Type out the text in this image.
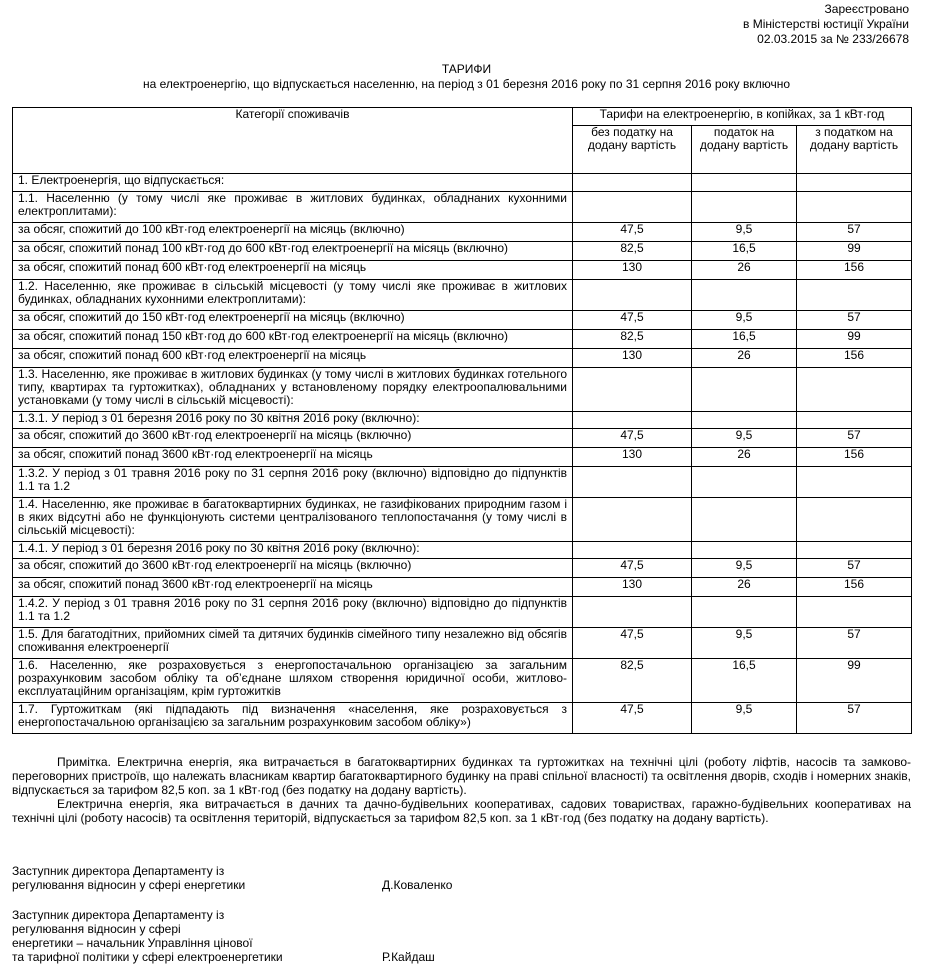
Зареєстровано
в Міністерстві юстиції України
02.03.2015 за № 233/26678
ТАРИФИ
на електроенергію, що відпускається населенню, на період з 01 березня 2016 року по 31 серпня 2016 року включно
Категорії споживачів	Тарифи на електроенергію, в копійках, за 1 кВт·год		
	без податку на додану вартість	податок на додану вартість	з податком на додану вартість
1. Електроенергія, що відпускається:			
1.1. Населенню (у тому числі яке проживає в житлових будинках, обладнаних кухонними електроплитами):			
за обсяг, спожитий до 100 кВт·год електроенергії на місяць (включно)	47,5	9,5	57
за обсяг, спожитий понад 100 кВт·год до 600 кВт·год електроенергії на місяць (включно)	82,5	16,5	99
за обсяг, спожитий понад 600 кВт·год електроенергії на місяць	130	26	156
1.2. Населенню, яке проживає в сільській місцевості (у тому числі яке проживає в житлових будинках, обладнаних кухонними електроплитами):			
за обсяг, спожитий до 150 кВт·год електроенергії на місяць (включно)	47,5	9,5	57
за обсяг, спожитий понад 150 кВт·год до 600 кВт·год електроенергії на місяць (включно)	82,5	16,5	99
за обсяг, спожитий понад 600 кВт·год електроенергії на місяць	130	26	156
1.3. Населенню, яке проживає в житлових будинках (у тому числі в житлових будинках готельного типу, квартирах та гуртожитках), обладнаних у встановленому порядку електроопалювальними установками (у тому числі в сільській місцевості):			
1.3.1. У період з 01 березня 2016 року по 30 квітня 2016 року (включно):			
за обсяг, спожитий до 3600 кВт·год електроенергії на місяць (включно)	47,5	9,5	57
за обсяг, спожитий понад 3600 кВт·год електроенергії на місяць	130	26	156
1.3.2. У період з 01 травня 2016 року по 31 серпня 2016 року (включно) відповідно до підпунктів 1.1 та 1.2			
1.4. Населенню, яке проживає в багатоквартирних будинках, не газифікованих природним газом і в яких відсутні або не функціонують системи централізованого теплопостачання (у тому числі в сільській місцевості):			
1.4.1. У період з 01 березня 2016 року по 30 квітня 2016 року (включно):			
за обсяг, спожитий до 3600 кВт·год електроенергії на місяць (включно)	47,5	9,5	57
за обсяг, спожитий понад 3600 кВт·год електроенергії на місяць	130	26	156
1.4.2. У період з 01 травня 2016 року по 31 серпня 2016 року (включно) відповідно до підпунктів 1.1 та 1.2			
1.5. Для багатодітних, прийомних сімей та дитячих будинків сімейного типу незалежно від обсягів споживання електроенергії	47,5	9,5	57
1.6. Населенню, яке розраховується з енергопостачальною організацією за загальним розрахунковим засобом обліку та об’єднане шляхом створення юридичної особи, житлово-експлуатаційним організаціям, крім гуртожитків	82,5	16,5	99
1.7. Гуртожиткам (які підпадають під визначення «населення, яке розраховується з енергопостачальною організацією за загальним розрахунковим засобом обліку»)	47,5	9,5	57

Примітка. Електрична енергія, яка витрачається в багатоквартирних будинках та гуртожитках на технічні цілі (роботу ліфтів, насосів та замково-переговорних пристроїв, що належать власникам квартир багатоквартирного будинку на праві спільної власності) та освітлення дворів, сходів і номерних знаків, відпускається за тарифом 82,5 коп. за 1 кВт·год (без податку на додану вартість).

Електрична енергія, яка витрачається в дачних та дачно-будівельних кооперативах, садових товариствах, гаражно-будівельних кооперативах на технічні цілі (роботу насосів) та освітлення територій, відпускається за тарифом 82,5 коп. за 1 кВт·год (без податку на додану вартість).

Заступник директора Департаменту із
регулювання відносин у сфері енергетики	Д.Коваленко
Заступник директора Департаменту із
регулювання відносин у сфері
енергетики – начальник Управління цінової
та тарифної політики у сфері електроенергетики	Р.Кайдаш
